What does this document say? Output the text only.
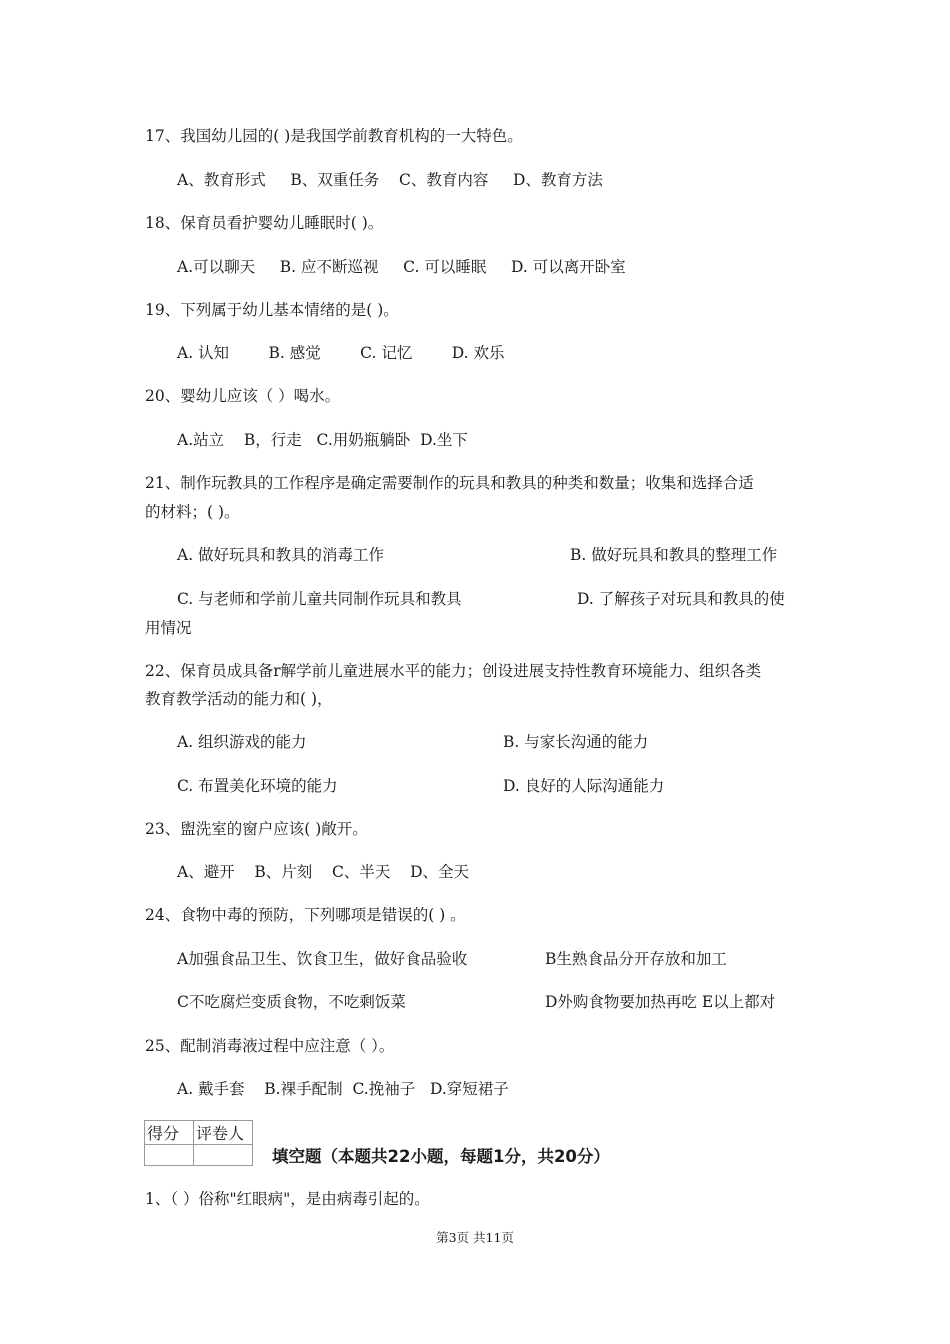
17、我国幼儿园的( )是我国学前教育机构的一大特色。
A、教育形式 B、双重任务 C、教育内容 D、教育方法
18、保育员看护婴幼儿睡眠时( )。
A.可以聊天 B. 应不断巡视 C. 可以睡眠 D. 可以离开卧室
19、下列属于幼儿基本情绪的是( )。
A. 认知	B. 感觉	C. 记忆	D. 欢乐
20、婴幼儿应该（ ）喝水。
A.站立 B，行走 C.用奶瓶躺卧 D.坐下
21、制作玩教具的工作程序是确定需要制作的玩具和教具的种类和数量；收集和选择合适
的材料；( )。
A. 做好玩具和教具的消毒工作	B. 做好玩具和教具的整理工作
C. 与老师和学前儿童共同制作玩具和教具	D. 了解孩子对玩具和教具的使
用情况
22、保育员成具备r解学前儿童进展水平的能力；创设进展支持性教育环境能力、组织各类
教育教学活动的能力和( )，
A. 组织游戏的能力	B. 与家长沟通的能力
C. 布置美化环境的能力	D. 良好的人际沟通能力
23、盥洗室的窗户应该( )敞开。
A、避开 B、片刻 C、半天 D、全天
24、食物中毒的预防，下列哪项是错误的( ) 。
A加强食品卫生、饮食卫生，做好食品验收	B生熟食品分开存放和加工
C不吃腐烂变质食物，不吃剩饭菜	D外购食物要加热再吃 E以上都对
25、配制消毒液过程中应注意（ ）。
A. 戴手套 B.裸手配制 C.挽袖子 D.穿短裙子
得分	评卷人

填空题（本题共22小题，每题1分，共20分）
1、（ ）俗称"红眼病"，是由病毒引起的。
第3页 共11页
